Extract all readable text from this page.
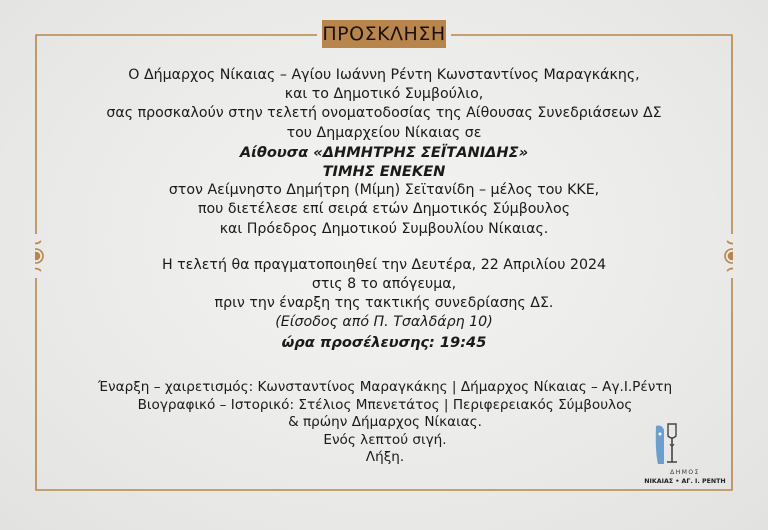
ΠΡΟΣΚΛΗΣΗ
Ο Δήμαρχος Νίκαιας – Αγίου Ιωάννη Ρέντη Κωνσταντίνος Μαραγκάκης,
και το Δημοτικό Συμβούλιο,
σας προσκαλούν στην τελετή ονοματοδοσίας της Αίθουσας Συνεδριάσεων ΔΣ
του Δημαρχείου Νίκαιας σε
Αίθουσα «ΔΗΜΗΤΡΗΣ ΣΕΪΤΑΝΙΔΗΣ»
ΤΙΜΗΣ ΕΝΕΚΕΝ
στον Αείμνηστο Δημήτρη (Μίμη) Σεϊτανίδη – μέλος του ΚΚΕ,
που διετέλεσε επί σειρά ετών Δημοτικός Σύμβουλος
και Πρόεδρος Δημοτικού Συμβουλίου Νίκαιας.
Η τελετή θα πραγματοποιηθεί την Δευτέρα, 22 Απριλίου 2024
στις 8 το απόγευμα,
πριν την έναρξη της τακτικής συνεδρίασης ΔΣ.
(Είσοδος από Π. Τσαλδάρη 10)
ώρα προσέλευσης: 19:45
Έναρξη – χαιρετισμός: Κωνσταντίνος Μαραγκάκης | Δήμαρχος Νίκαιας – Αγ.Ι.Ρέντη
Βιογραφικό – Ιστορικό: Στέλιος Μπενετάτος | Περιφερειακός Σύμβουλος
& πρώην Δήμαρχος Νίκαιας.
Ενός λεπτού σιγή.
Λήξη.
ΔΗΜΟΣ
ΝΙΚΑΙΑΣ • ΑΓ. Ι. ΡΕΝΤΗ
